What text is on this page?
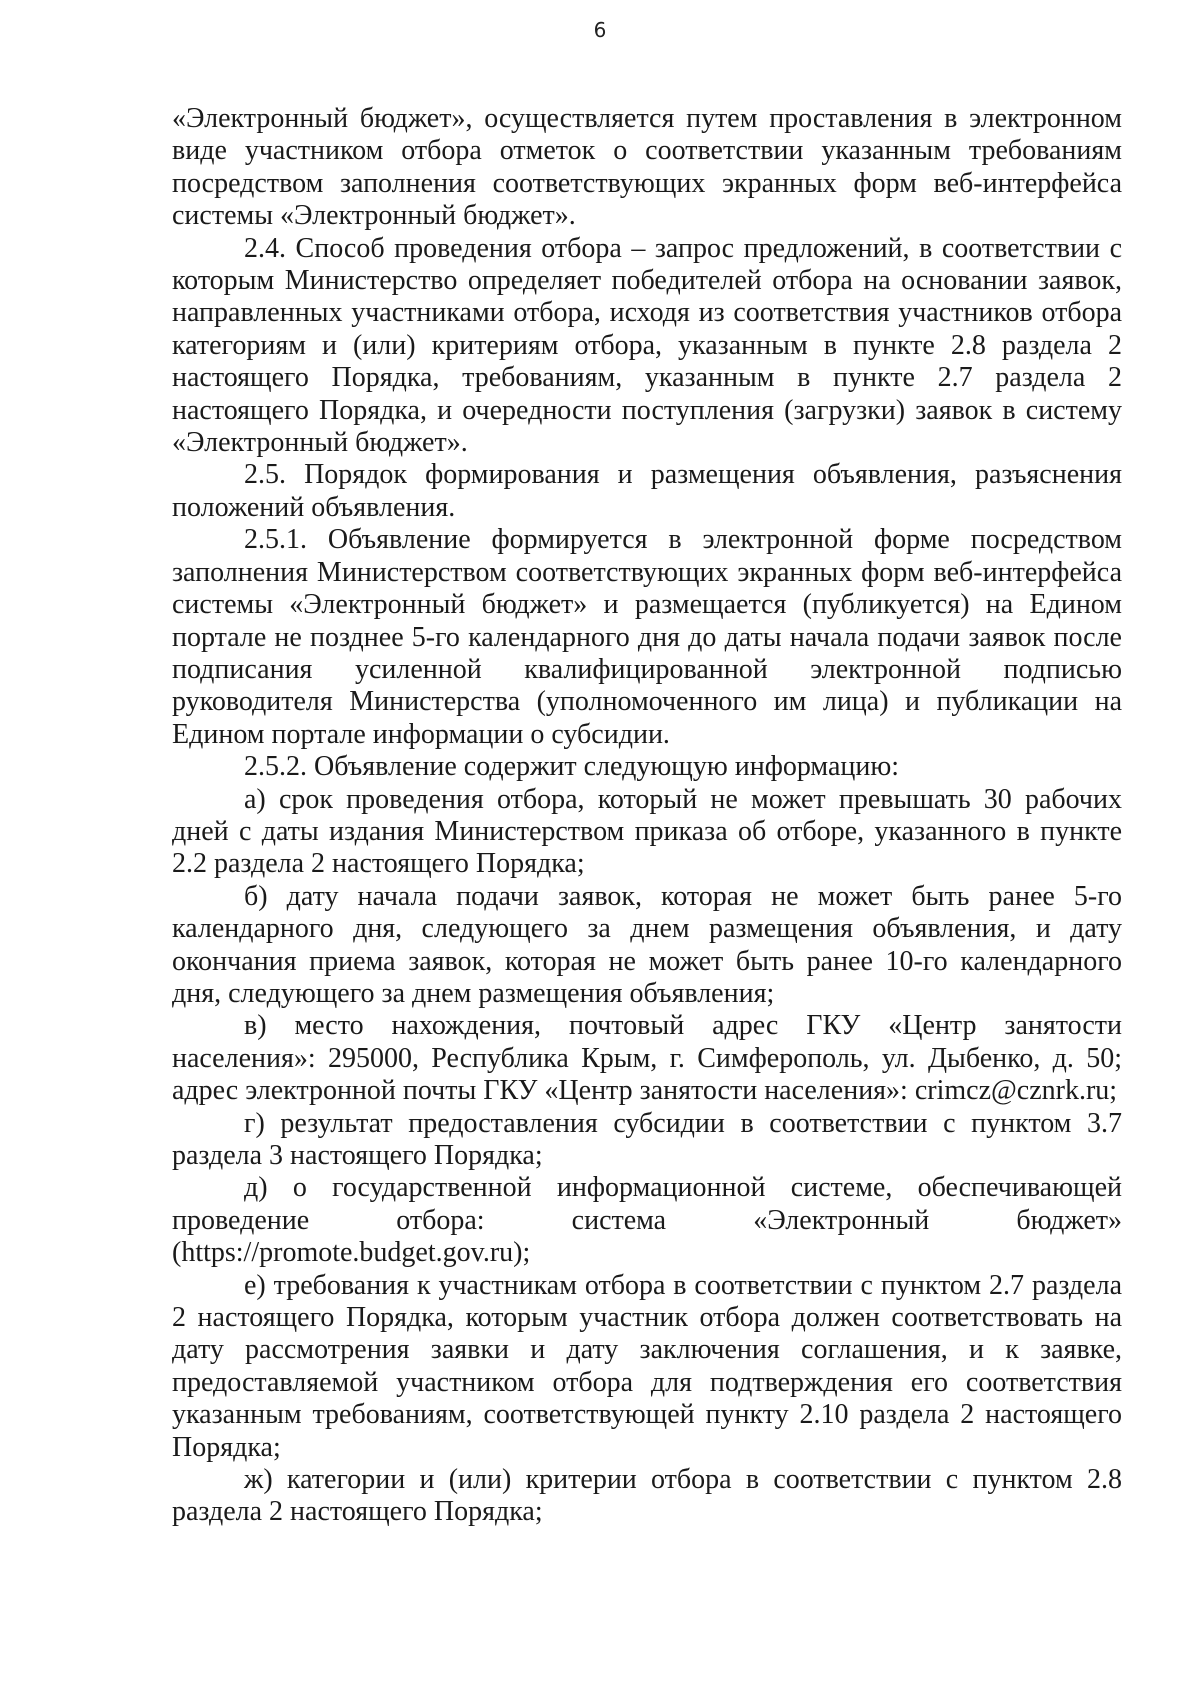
6

«Электронный бюджет», осуществляется путем проставления в электронном виде участником отбора отметок о соответствии указанным требованиям посредством заполнения соответствующих экранных форм веб-интерфейса системы «Электронный бюджет».

2.4. Способ проведения отбора – запрос предложений, в соответствии с которым Министерство определяет победителей отбора на основании заявок, направленных участниками отбора, исходя из соответствия участников отбора категориям и (или) критериям отбора, указанным в пункте 2.8 раздела 2 настоящего Порядка, требованиям, указанным в пункте 2.7 раздела 2 настоящего Порядка, и очередности поступления (загрузки) заявок в систему «Электронный бюджет».

2.5. Порядок формирования и размещения объявления, разъяснения положений объявления.

2.5.1. Объявление формируется в электронной форме посредством заполнения Министерством соответствующих экранных форм веб-интерфейса системы «Электронный бюджет» и размещается (публикуется) на Едином портале не позднее 5-го календарного дня до даты начала подачи заявок после подписания усиленной квалифицированной электронной подписью руководителя Министерства (уполномоченного им лица) и публикации на Едином портале информации о субсидии.

2.5.2. Объявление содержит следующую информацию:

а) срок проведения отбора, который не может превышать 30 рабочих дней с даты издания Министерством приказа об отборе, указанного в пункте 2.2 раздела 2 настоящего Порядка;

б) дату начала подачи заявок, которая не может быть ранее 5-го календарного дня, следующего за днем размещения объявления, и дату окончания приема заявок, которая не может быть ранее 10-го календарного дня, следующего за днем размещения объявления;

в) место нахождения, почтовый адрес ГКУ «Центр занятости населения»: 295000, Республика Крым, г. Симферополь, ул. Дыбенко, д. 50; адрес электронной почты ГКУ «Центр занятости населения»: crimcz@cznrk.ru;

г) результат предоставления субсидии в соответствии с пунктом 3.7 раздела 3 настоящего Порядка;

д) о государственной информационной системе, обеспечивающей проведение отбора: система «Электронный бюджет» (https://promote.budget.gov.ru);

е) требования к участникам отбора в соответствии с пунктом 2.7 раздела 2 настоящего Порядка, которым участник отбора должен соответствовать на дату рассмотрения заявки и дату заключения соглашения, и к заявке, предоставляемой участником отбора для подтверждения его соответствия указанным требованиям, соответствующей пункту 2.10 раздела 2 настоящего Порядка;

ж) категории и (или) критерии отбора в соответствии с пунктом 2.8 раздела 2 настоящего Порядка;
